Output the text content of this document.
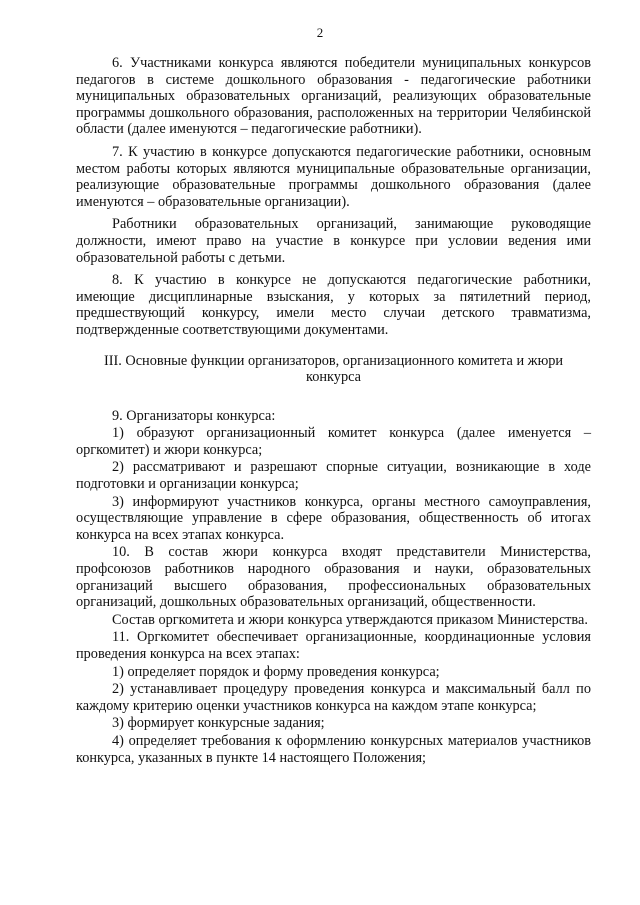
2

6. Участниками конкурса являются победители муниципальных конкурсов педагогов в системе дошкольного образования - педагогические работники муниципальных образовательных организаций, реализующих образовательные программы дошкольного образования, расположенных на территории Челябинской области (далее именуются – педагогические работники).

7. К участию в конкурсе допускаются педагогические работники, основным местом работы которых являются муниципальные образовательные организации, реализующие образовательные программы дошкольного образования (далее именуются – образовательные организации).

Работники образовательных организаций, занимающие руководящие должности, имеют право на участие в конкурсе при условии ведения ими образовательной работы с детьми.

8. К участию в конкурсе не допускаются педагогические работники, имеющие дисциплинарные взыскания, у которых за пятилетний период, предшествующий конкурсу, имели место случаи детского травматизма, подтвержденные соответствующими документами.

III. Основные функции организаторов, организационного комитета и жюри конкурса

9. Организаторы конкурса:

1) образуют организационный комитет конкурса (далее именуется – оргкомитет) и жюри конкурса;

2) рассматривают и разрешают спорные ситуации, возникающие в ходе подготовки и организации конкурса;

3) информируют участников конкурса, органы местного самоуправления, осуществляющие управление в сфере образования, общественность об итогах конкурса на всех этапах конкурса.

10. В состав жюри конкурса входят представители Министерства, профсоюзов работников народного образования и науки, образовательных организаций высшего образования, профессиональных образовательных организаций, дошкольных образовательных организаций, общественности.

Состав оргкомитета и жюри конкурса утверждаются приказом Министерства.

11. Оргкомитет обеспечивает организационные, координационные условия проведения конкурса на всех этапах:

1) определяет порядок и форму проведения конкурса;

2) устанавливает процедуру проведения конкурса и максимальный балл по каждому критерию оценки участников конкурса на каждом этапе конкурса;

3) формирует конкурсные задания;

4) определяет требования к оформлению конкурсных материалов участников конкурса, указанных в пункте 14 настоящего Положения;
